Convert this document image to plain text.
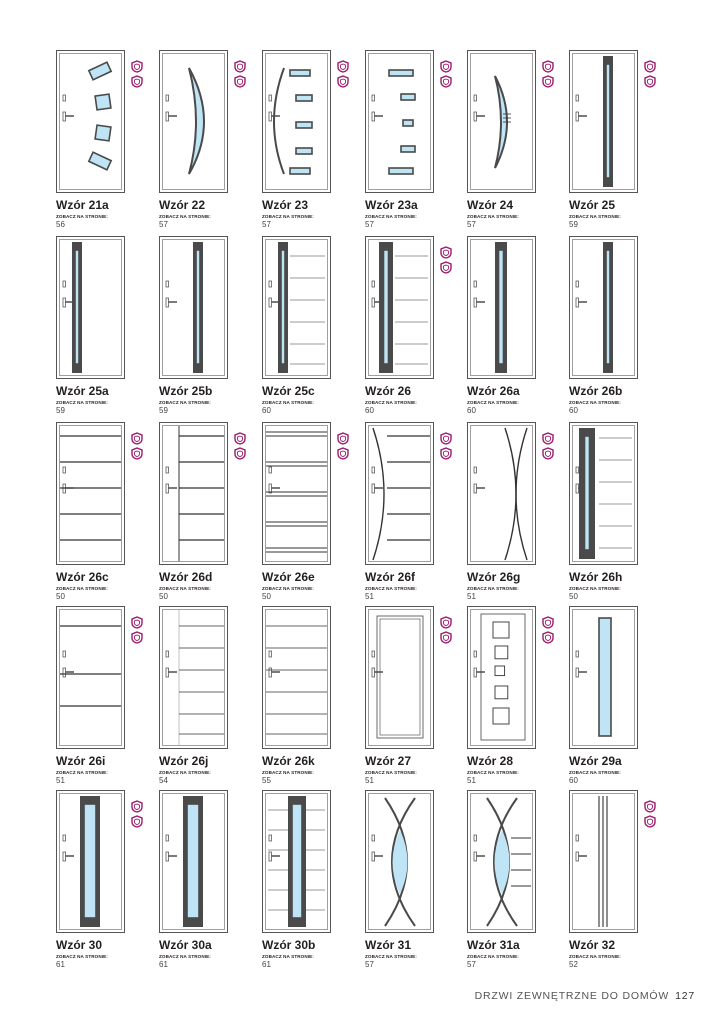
Wzór 21a
ZOBACZ NA STRONIE:
56
Wzór 22
ZOBACZ NA STRONIE:
57
Wzór 23
ZOBACZ NA STRONIE:
57
Wzór 23a
ZOBACZ NA STRONIE:
57
Wzór 24
ZOBACZ NA STRONIE:
57
Wzór 25
ZOBACZ NA STRONIE:
59
Wzór 25a
ZOBACZ NA STRONIE:
59
Wzór 25b
ZOBACZ NA STRONIE:
59
Wzór 25c
ZOBACZ NA STRONIE:
60
Wzór 26
ZOBACZ NA STRONIE:
60
Wzór 26a
ZOBACZ NA STRONIE:
60
Wzór 26b
ZOBACZ NA STRONIE:
60
Wzór 26c
ZOBACZ NA STRONIE:
50
Wzór 26d
ZOBACZ NA STRONIE:
50
Wzór 26e
ZOBACZ NA STRONIE:
50
Wzór 26f
ZOBACZ NA STRONIE:
51
Wzór 26g
ZOBACZ NA STRONIE:
51
Wzór 26h
ZOBACZ NA STRONIE:
50
Wzór 26i
ZOBACZ NA STRONIE:
51
Wzór 26j
ZOBACZ NA STRONIE:
54
Wzór 26k
ZOBACZ NA STRONIE:
55
Wzór 27
ZOBACZ NA STRONIE:
51
Wzór 28
ZOBACZ NA STRONIE:
51
Wzór 29a
ZOBACZ NA STRONIE:
60
Wzór 30
ZOBACZ NA STRONIE:
61
Wzór 30a
ZOBACZ NA STRONIE:
61
Wzór 30b
ZOBACZ NA STRONIE:
61
Wzór 31
ZOBACZ NA STRONIE:
57
Wzór 31a
ZOBACZ NA STRONIE:
57
Wzór 32
ZOBACZ NA STRONIE:
52
DRZWI ZEWNĘTRZNE DO DOMÓW 127
